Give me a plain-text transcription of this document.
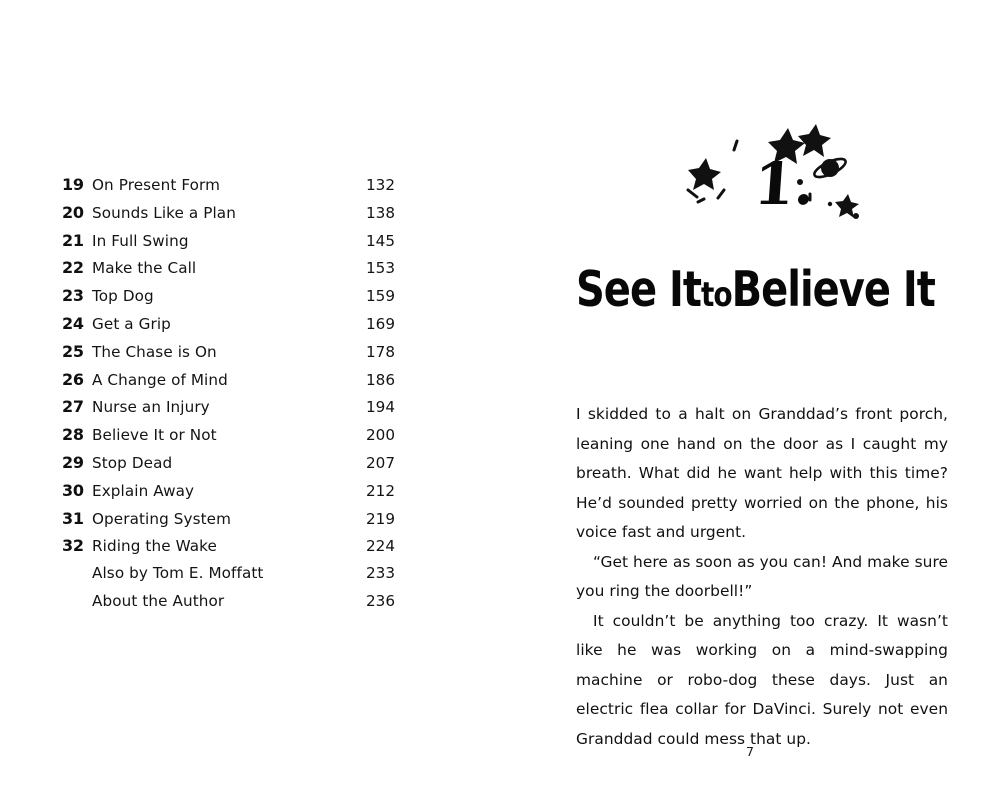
19 On Present Form	132
20 Sounds Like a Plan	138
21 In Full Swing	145
22 Make the Call	153
23 Top Dog	159
24 Get a Grip	169
25 The Chase is On	178
26 A Change of Mind	186
27 Nurse an Injury	194
28 Believe It or Not	200
29 Stop Dead	207
30 Explain Away	212
31 Operating System	219
32 Riding the Wake	224
Also by Tom E. Moffatt	233
About the Author	236
1.
See IttoBelieve It

I skidded to a halt on Granddad’s front porch, leaning one hand on the door as I caught my breath. What did he want help with this time? He’d sounded pretty worried on the phone, his voice fast and urgent.

“Get here as soon as you can! And make sure you ring the doorbell!”

It couldn’t be anything too crazy. It wasn’t like he was working on a mind-swapping machine or robo-dog these days. Just an electric flea collar for DaVinci. Surely not even Granddad could mess that up.

7
